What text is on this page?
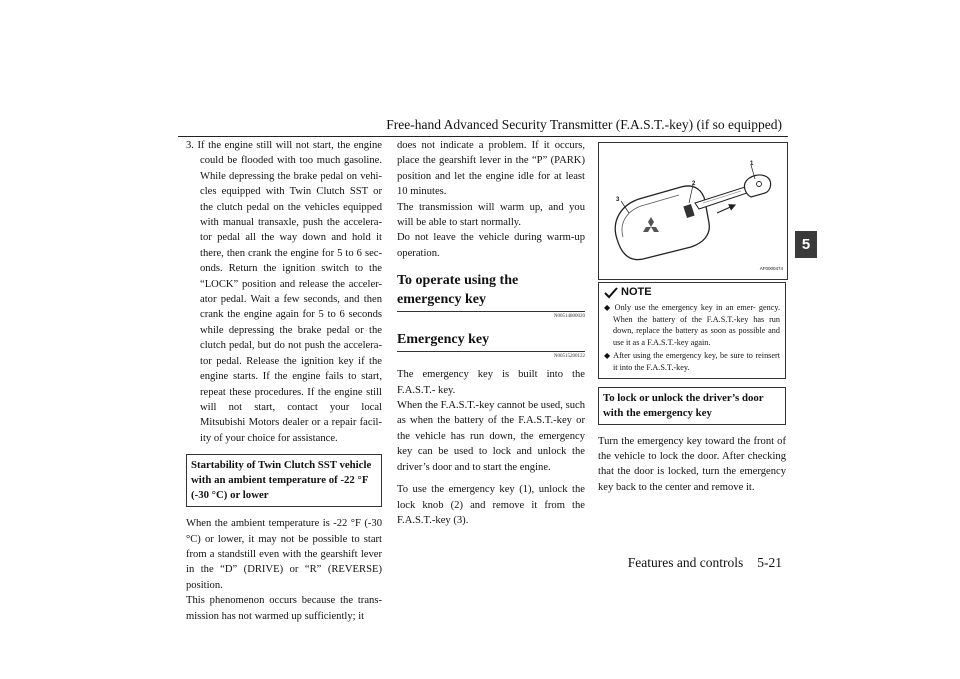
Free-hand Advanced Security Transmitter (F.A.S.T.-key) (if so equipped)
5

3. If the engine still will not start, the engine could be flooded with too much gasoline. While depressing the brake pedal on vehi- cles equipped with Twin Clutch SST or the clutch pedal on the vehicles equipped with manual transaxle, push the accelera- tor pedal all the way down and hold it there, then crank the engine for 5 to 6 sec- onds. Return the ignition switch to the “LOCK” position and release the acceler- ator pedal. Wait a few seconds, and then crank the engine again for 5 to 6 seconds while depressing the brake pedal or the clutch pedal, but do not push the accelera- tor pedal. Release the ignition key if the engine starts. If the engine fails to start, repeat these procedures. If the engine still will not start, contact your local Mitsubishi Motors dealer or a repair facil- ity of your choice for assistance.

Startability of Twin Clutch SST vehicle with an ambient temperature of -22 °F (-30 °C) or lower

When the ambient temperature is -22 °F (-30 °C) or lower, it may not be possible to start from a standstill even with the gearshift lever in the “D” (DRIVE) or “R” (REVERSE) position.

This phenomenon occurs because the trans- mission has not warmed up sufficiently; it

does not indicate a problem. If it occurs, place the gearshift lever in the “P” (PARK) position and let the engine idle for at least 10 minutes.

The transmission will warm up, and you will be able to start normally.

Do not leave the vehicle during warm-up operation.

To operate using the emergency key
N00514800020
Emergency key
N00515200122

The emergency key is built into the F.A.S.T.- key.

When the F.A.S.T.-key cannot be used, such as when the battery of the F.A.S.T.-key or the vehicle has run down, the emergency key can be used to lock and unlock the driver’s door and to start the engine.

To use the emergency key (1), unlock the lock knob (2) and remove it from the F.A.S.T.-key (3).

1
2
3
AF0000474
NOTE
◆ Only use the emergency key in an emer- gency. When the battery of the F.A.S.T.-key has run down, replace the battery as soon as possible and use it as a F.A.S.T.-key again.
◆ After using the emergency key, be sure to reinsert it into the F.A.S.T.-key.
To lock or unlock the driver’s door with the emergency key

Turn the emergency key toward the front of the vehicle to lock the door. After checking that the door is locked, turn the emergency key back to the center and remove it.

Features and controls 5-21
